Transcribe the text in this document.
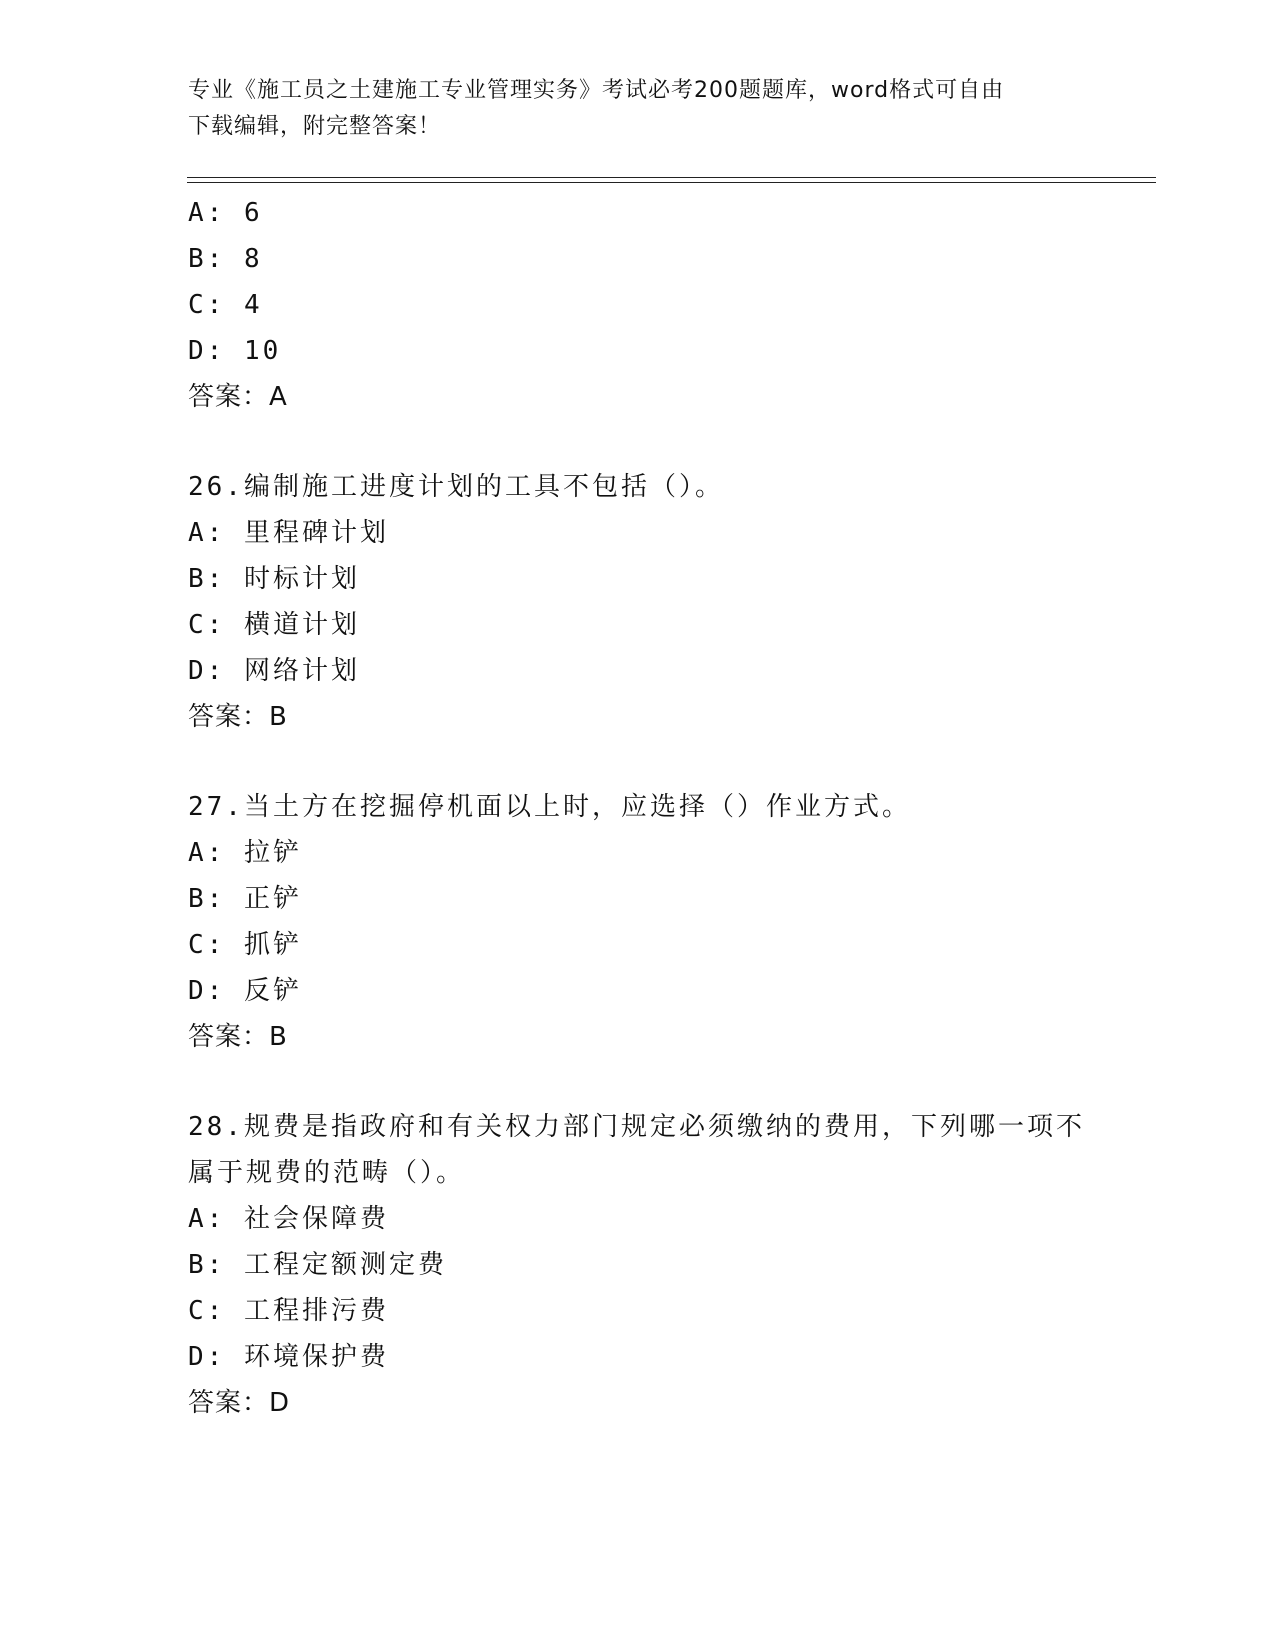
专业《施工员之土建施工专业管理实务》考试必考200题题库，word格式可自由
下载编辑，附完整答案！
A: 6
B: 8
C: 4
D: 10
答案：A
26.编制施工进度计划的工具不包括（）。
A: 里程碑计划
B: 时标计划
C: 横道计划
D: 网络计划
答案：B
27.当土方在挖掘停机面以上时，应选择（）作业方式。
A: 拉铲
B: 正铲
C: 抓铲
D: 反铲
答案：B
28.规费是指政府和有关权力部门规定必须缴纳的费用，下列哪一项不
属于规费的范畴（）。
A: 社会保障费
B: 工程定额测定费
C: 工程排污费
D: 环境保护费
答案：D
